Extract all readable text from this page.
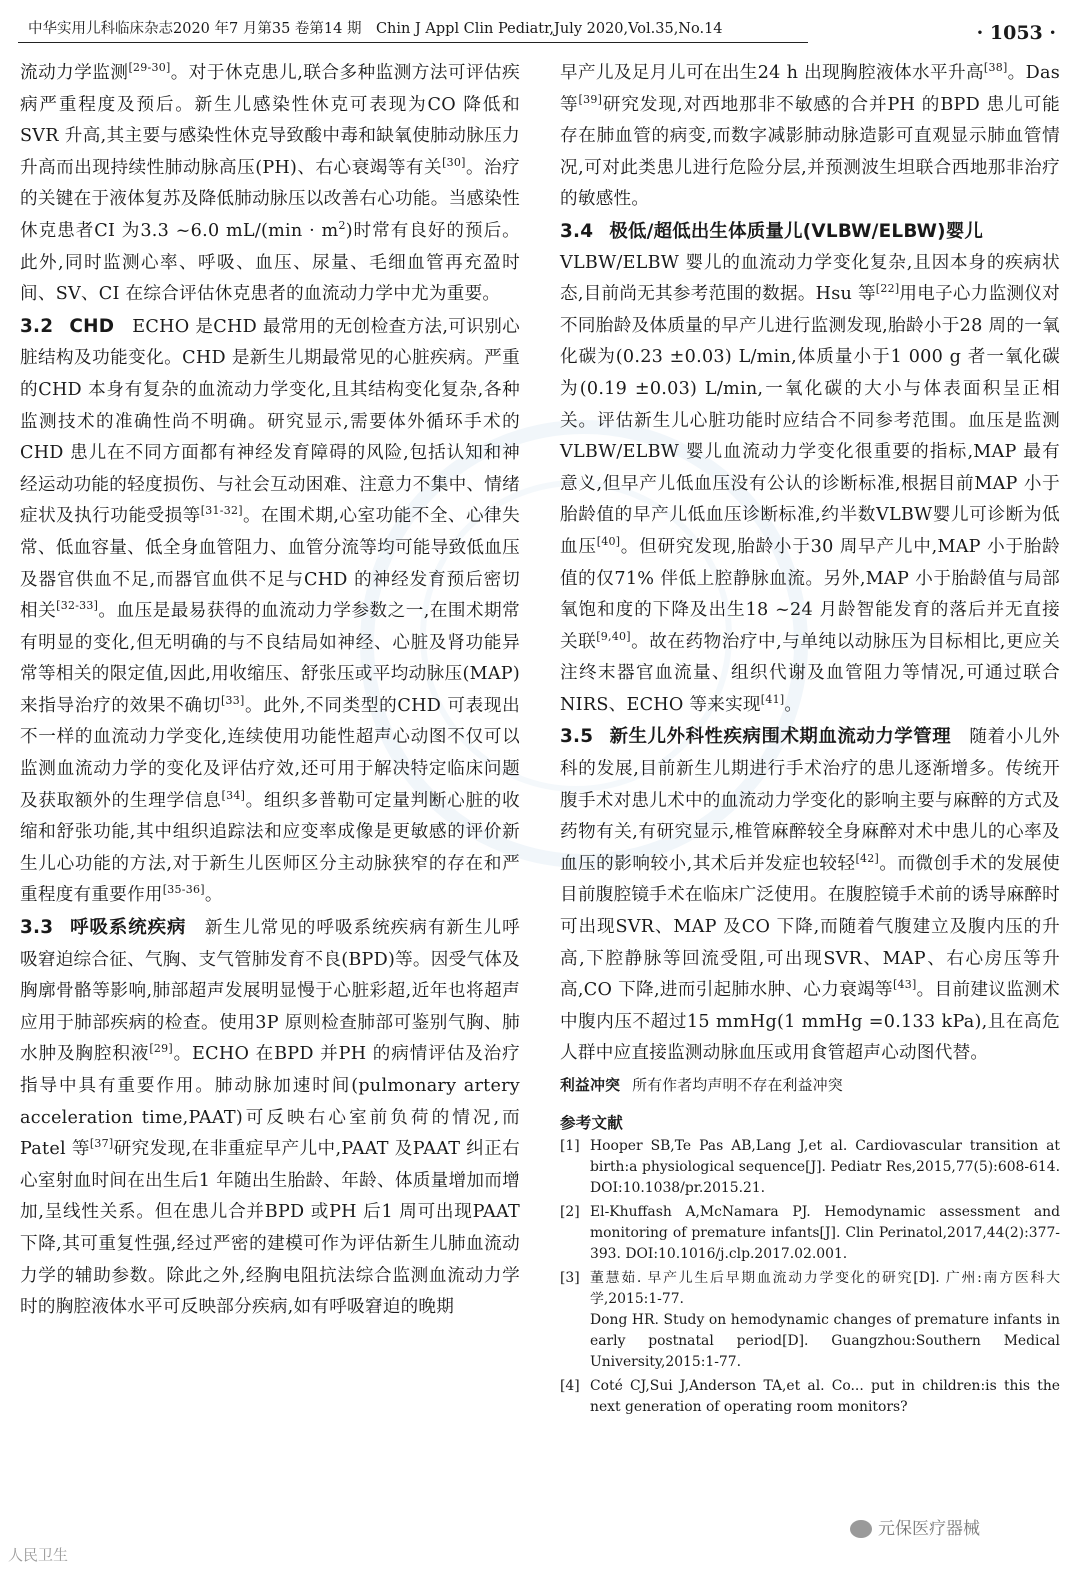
中华实用儿科临床杂志2020 年7 月第35 卷第14 期　Chin J Appl Clin Pediatr,July 2020,Vol.35,No.14	· 1053 ·

流动力学监测[29-30]。对于休克患儿,联合多种监测方法可评估疾病严重程度及预后。新生儿感染性休克可表现为CO 降低和SVR 升高,其主要与感染性休克导致酸中毒和缺氧使肺动脉压力升高而出现持续性肺动脉高压(PH)、右心衰竭等有关[30]。治疗的关键在于液体复苏及降低肺动脉压以改善右心功能。当感染性休克患者CI 为3.3 ~6.0 $mL/(\min \cdot m^2)$时常有良好的预后。此外,同时监测心率、呼吸、血压、尿量、毛细血管再充盈时间、SV、CI 在综合评估休克患者的血流动力学中尤为重要。

3.2 CHD　ECHO 是CHD 最常用的无创检查方法,可识别心脏结构及功能变化。CHD 是新生儿期最常见的心脏疾病。严重的CHD 本身有复杂的血流动力学变化,且其结构变化复杂,各种监测技术的准确性尚不明确。研究显示,需要体外循环手术的CHD 患儿在不同方面都有神经发育障碍的风险,包括认知和神经运动功能的轻度损伤、与社会互动困难、注意力不集中、情绪症状及执行功能受损等[31-32]。在围术期,心室功能不全、心律失常、低血容量、低全身血管阻力、血管分流等均可能导致低血压及器官供血不足,而器官血供不足与CHD 的神经发育预后密切相关[32-33]。血压是最易获得的血流动力学参数之一,在围术期常有明显的变化,但无明确的与不良结局如神经、心脏及肾功能异常等相关的限定值,因此,用收缩压、舒张压或平均动脉压(MAP)来指导治疗的效果不确切[33]。此外,不同类型的CHD 可表现出不一样的血流动力学变化,连续使用功能性超声心动图不仅可以监测血流动力学的变化及评估疗效,还可用于解决特定临床问题及获取额外的生理学信息[34]。组织多普勒可定量判断心脏的收缩和舒张功能,其中组织追踪法和应变率成像是更敏感的评价新生儿心功能的方法,对于新生儿医师区分主动脉狭窄的存在和严重程度有重要作用[35-36]。

3.3 呼吸系统疾病　新生儿常见的呼吸系统疾病有新生儿呼吸窘迫综合征、气胸、支气管肺发育不良(BPD)等。因受气体及胸廓骨骼等影响,肺部超声发展明显慢于心脏彩超,近年也将超声应用于肺部疾病的检查。使用3P 原则检查肺部可鉴别气胸、肺水肿及胸腔积液[29]。ECHO 在BPD 并PH 的病情评估及治疗指导中具有重要作用。肺动脉加速时间(pulmonary artery acceleration time,PAAT)可反映右心室前负荷的情况,而Patel 等[37]研究发现,在非重症早产儿中,PAAT 及PAAT 纠正右心室射血时间在出生后1 年随出生胎龄、年龄、体质量增加而增加,呈线性关系。但在患儿合并BPD 或PH 后1 周可出现PAAT 下降,其可重复性强,经过严密的建模可作为评估新生儿肺血流动力学的辅助参数。除此之外,经胸电阻抗法综合监测血流动力学时的胸腔液体水平可反映部分疾病,如有呼吸窘迫的晚期

早产儿及足月儿可在出生24 h 出现胸腔液体水平升高[38]。Das 等[39]研究发现,对西地那非不敏感的合并PH 的BPD 患儿可能存在肺血管的病变,而数字减影肺动脉造影可直观显示肺血管情况,可对此类患儿进行危险分层,并预测波生坦联合西地那非治疗的敏感性。

3.4 极低/超低出生体质量儿(VLBW/ELBW)婴儿

VLBW/ELBW 婴儿的血流动力学变化复杂,且因本身的疾病状态,目前尚无其参考范围的数据。Hsu 等[22]用电子心力监测仪对不同胎龄及体质量的早产儿进行监测发现,胎龄小于28 周的一氧化碳为(0.23 ±0.03) L/min,体质量小于1 000 g 者一氧化碳为(0.19 ±0.03) L/min,一氧化碳的大小与体表面积呈正相关。评估新生儿心脏功能时应结合不同参考范围。血压是监测VLBW/ELBW 婴儿血流动力学变化很重要的指标,MAP 最有意义,但早产儿低血压没有公认的诊断标准,根据目前MAP 小于胎龄值的早产儿低血压诊断标准,约半数VLBW婴儿可诊断为低血压[40]。但研究发现,胎龄小于30 周早产儿中,MAP 小于胎龄值的仅71% 伴低上腔静脉血流。另外,MAP 小于胎龄值与局部氧饱和度的下降及出生18 ~24 月龄智能发育的落后并无直接关联[9,40]。故在药物治疗中,与单纯以动脉压为目标相比,更应关注终末器官血流量、组织代谢及血管阻力等情况,可通过联合NIRS、ECHO 等来实现[41]。

3.5 新生儿外科性疾病围术期血流动力学管理　随着小儿外科的发展,目前新生儿期进行手术治疗的患儿逐渐增多。传统开腹手术对患儿术中的血流动力学变化的影响主要与麻醉的方式及药物有关,有研究显示,椎管麻醉较全身麻醉对术中患儿的心率及血压的影响较小,其术后并发症也较轻[42]。而微创手术的发展使目前腹腔镜手术在临床广泛使用。在腹腔镜手术前的诱导麻醉时可出现SVR、MAP 及CO 下降,而随着气腹建立及腹内压的升高,下腔静脉等回流受阻,可出现SVR、MAP、右心房压等升高,CO 下降,进而引起肺水肿、心力衰竭等[43]。目前建议监测术中腹内压不超过15 mmHg(1 mmHg =0.133 kPa),且在高危人群中应直接监测动脉血压或用食管超声心动图代替。

利益冲突 所有作者均声明不存在利益冲突

参考文献

[1] Hooper SB,Te Pas AB,Lang J,et al. Cardiovascular transition at birth:a physiological sequence[J]. Pediatr Res,2015,77(5):608-614. DOI:10.1038/pr.2015.21.
[2] El-Khuffash A,McNamara PJ. Hemodynamic assessment and monitoring of premature infants[J]. Clin Perinatol,2017,44(2):377-393. DOI:10.1016/j.clp.2017.02.001.
[3] 董慧茹. 早产儿生后早期血流动力学变化的研究[D]. 广州:南方医科大学,2015:1-77.
Dong HR. Study on hemodynamic changes of premature infants in early postnatal period[D]. Guangzhou:Southern Medical University,2015:1-77.
[4] Coté CJ,Sui J,Anderson TA,et al. Co... put in children:is this the next generation of operating room monitors?
人民卫生
元保医疗器械
